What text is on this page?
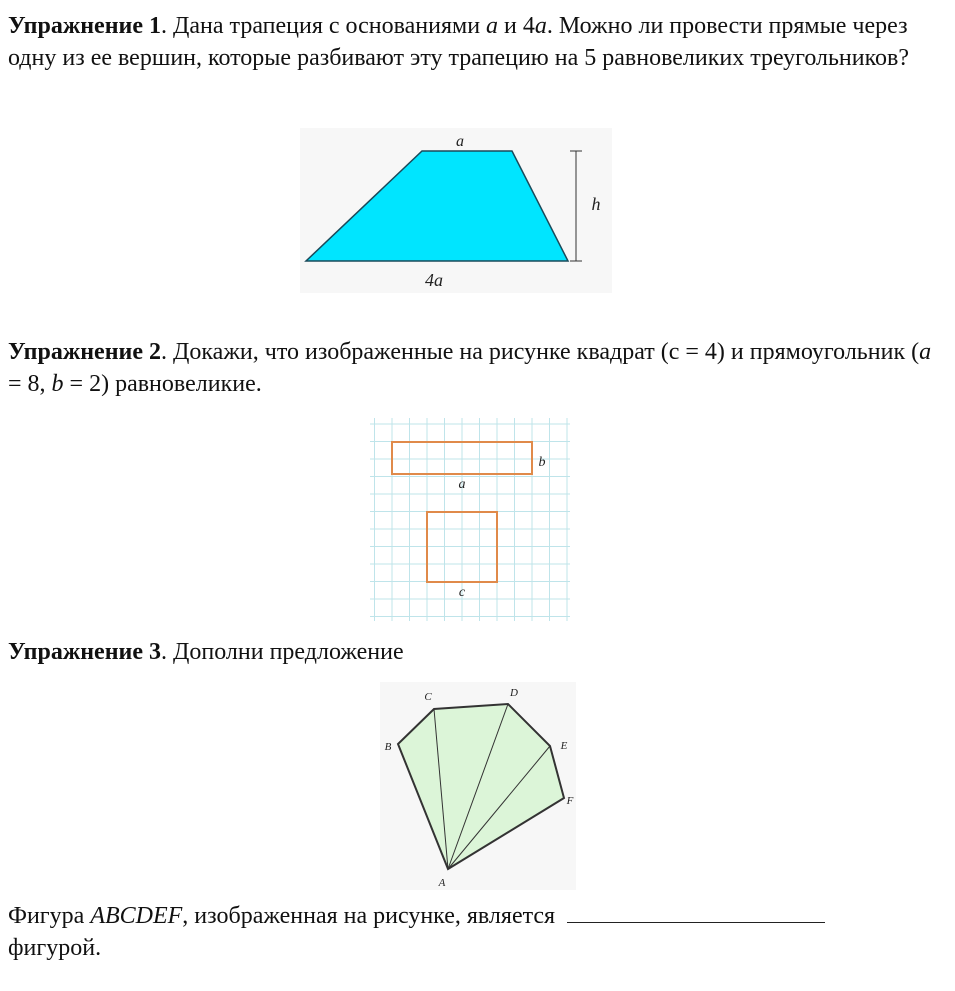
Упражнение 1. Дана трапеция с основаниями a и 4a. Можно ли провести прямые через одну из ее вершин, которые разбивают эту трапецию на 5 равновеликих треугольников?

a
h
4a

Упражнение 2. Докажи, что изображенные на рисунке квадрат (c = 4) и прямоугольник (a = 8, b = 2) равновеликие.

b
a
c

Упражнение 3. Дополни предложение

A
B
C	D
E
F

Фигура ABCDEF, изображенная на рисунке, является
фигурой.
